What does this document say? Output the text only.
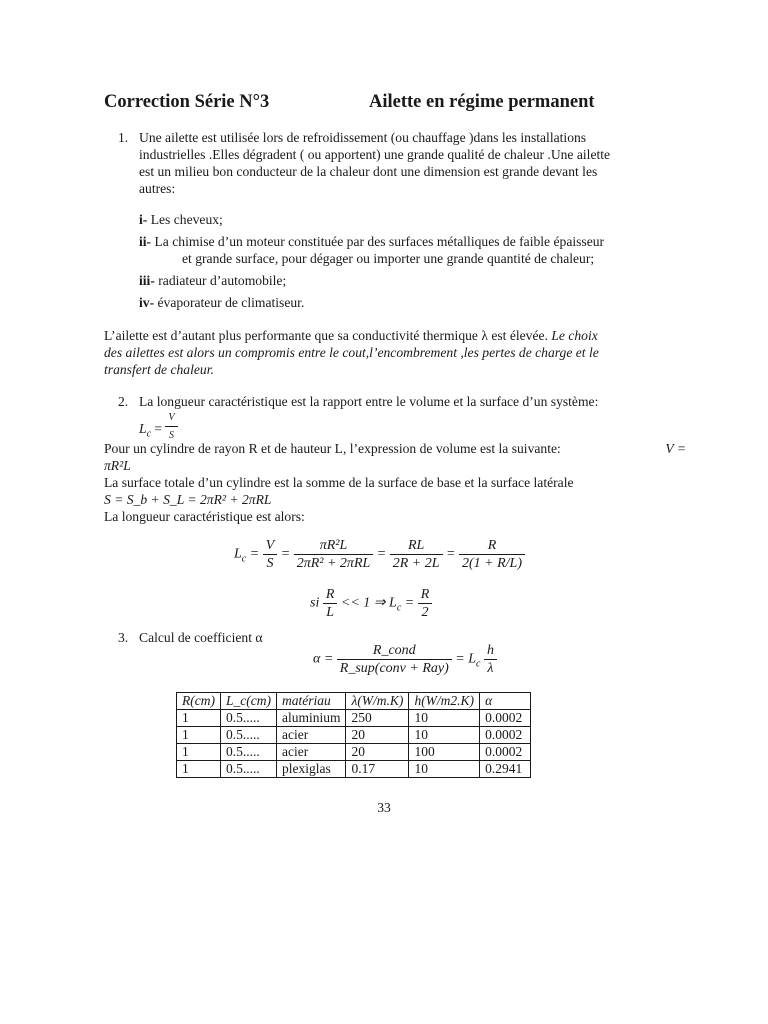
Correction Série N°3	Ailette en régime permanent
1. Une ailette est utilisée lors de refroidissement (ou chauffage )dans les installations
industrielles .Elles dégradent ( ou apportent) une grande qualité de chaleur .Une ailette
est un milieu bon conducteur de la chaleur dont une dimension est grande devant les
autres:
i- Les cheveux;
ii- La chimise d’un moteur constituée par des surfaces métalliques de faible épaisseur
et grande surface, pour dégager ou importer une grande quantité de chaleur;
iii- radiateur d’automobile;
iv- évaporateur de climatiseur.
L’ailette est d’autant plus performante que sa conductivité thermique λ est élevée. Le choix
des ailettes est alors un compromis entre le cout,l’encombrement ,les pertes de charge et le
transfert de chaleur.
2. La longueur caractéristique est la rapport entre le volume et la surface d’un système:
$L_c = \frac{V}{S}$
Pour un cylindre de rayon R et de hauteur L, l’expression de volume est la suivante:	V =
πR²L
La surface totale d’un cylindre est la somme de la surface de base et la surface latérale
S = S_b + S_L = 2πR² + 2πRL
La longueur caractéristique est alors:
$L_c = \frac{V}{S} = \frac{\text{πR²L}}{\text{2πR² + 2πRL}} = \frac{RL}{2R + 2L} = \frac{R}{2(1 + R/L)}$
si $\frac{R}{L} << 1$ ⇒ $L_c = \frac{R}{2}$
3. Calcul de coefficient α
$\alpha = \frac{\text{R\_cond}}{\text{R\_sup(conv + Ray)}} = L_c \frac{h}{\lambda}$
R(cm)	L_c(cm)	matériau	λ(W/m.K)	h(W/m2.K)	α
1	0.5.....	aluminium	250	10	0.0002
1	0.5.....	acier	20	10	0.0002
1	0.5.....	acier	20	100	0.0002
1	0.5.....	plexiglas	0.17	10	0.2941
33
